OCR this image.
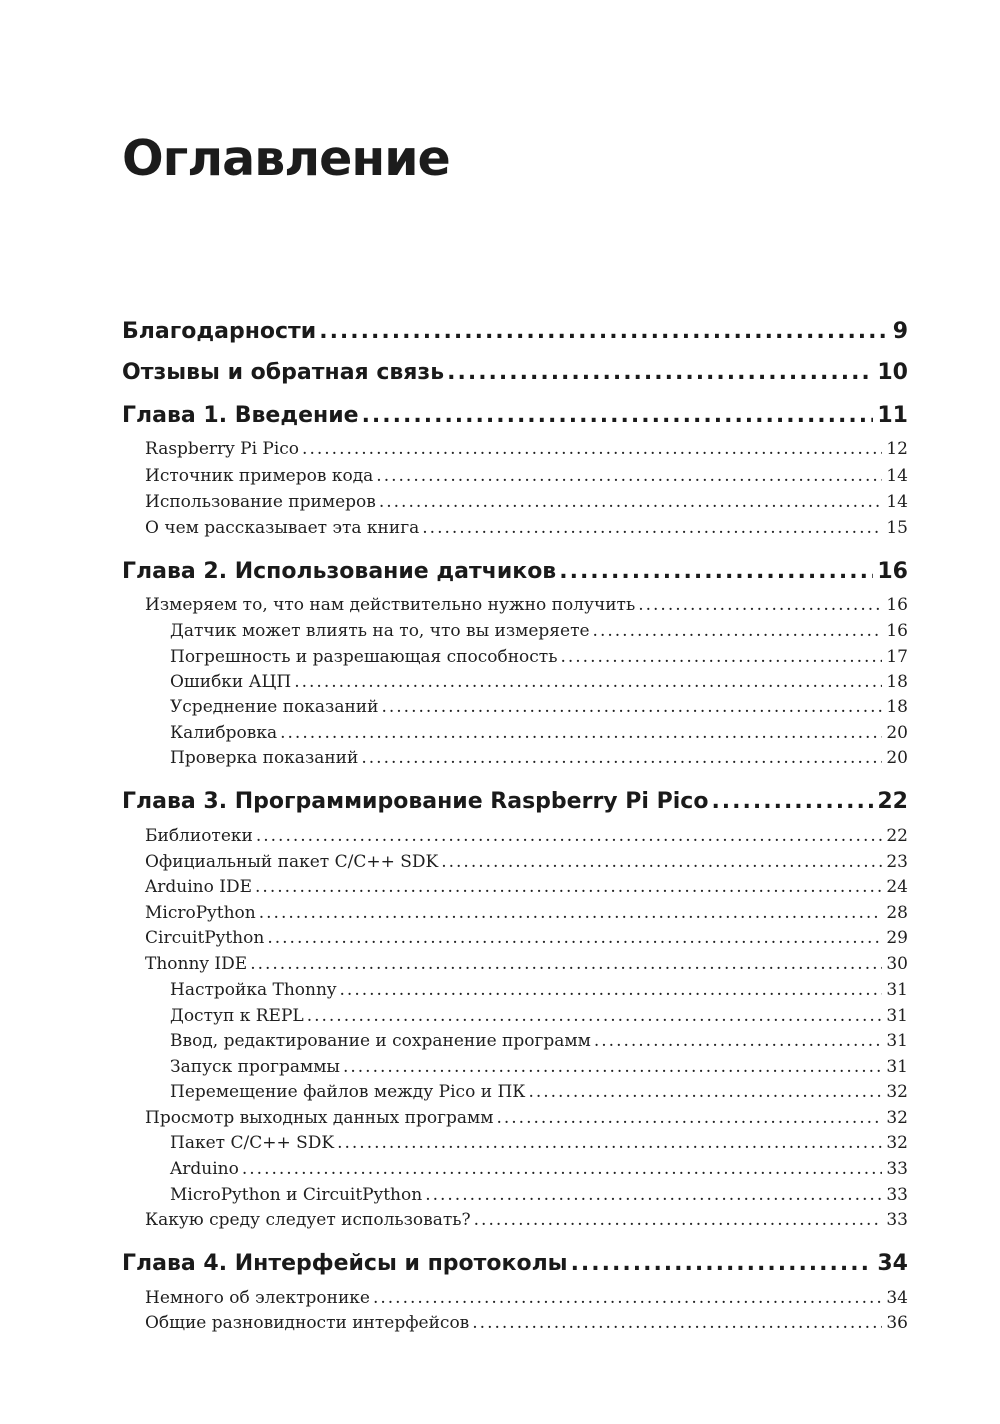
Оглавление
Благодарности .....	9
Отзывы и обратная связь .....	10
Глава 1. Введение .....	11
Raspberry Pi Pico .....	12
Источник примеров кода .....	14
Использование примеров .....	14
О чем рассказывает эта книга .....	15
Глава 2. Использование датчиков .....	16
Измеряем то, что нам действительно нужно получить .....	16
Датчик может влиять на то, что вы измеряете .....	16
Погрешность и разрешающая способность .....	17
Ошибки АЦП .....	18
Усреднение показаний .....	18
Калибровка .....	20
Проверка показаний .....	20
Глава 3. Программирование Raspberry Pi Pico .....	22
Библиотеки .....	22
Официальный пакет C/C++ SDK .....	23
Arduino IDE .....	24
MicroPython .....	28
CircuitPython .....	29
Thonny IDE .....	30
Настройка Thonny .....	31
Доступ к REPL .....	31
Ввод, редактирование и сохранение программ .....	31
Запуск программы .....	31
Перемещение файлов между Pico и ПК .....	32
Просмотр выходных данных программ .....	32
Пакет C/C++ SDK .....	32
Arduino .....	33
MicroPython и CircuitPython .....	33
Какую среду следует использовать? .....	33
Глава 4. Интерфейсы и протоколы .....	34
Немного об электронике .....	34
Общие разновидности интерфейсов .....	36
